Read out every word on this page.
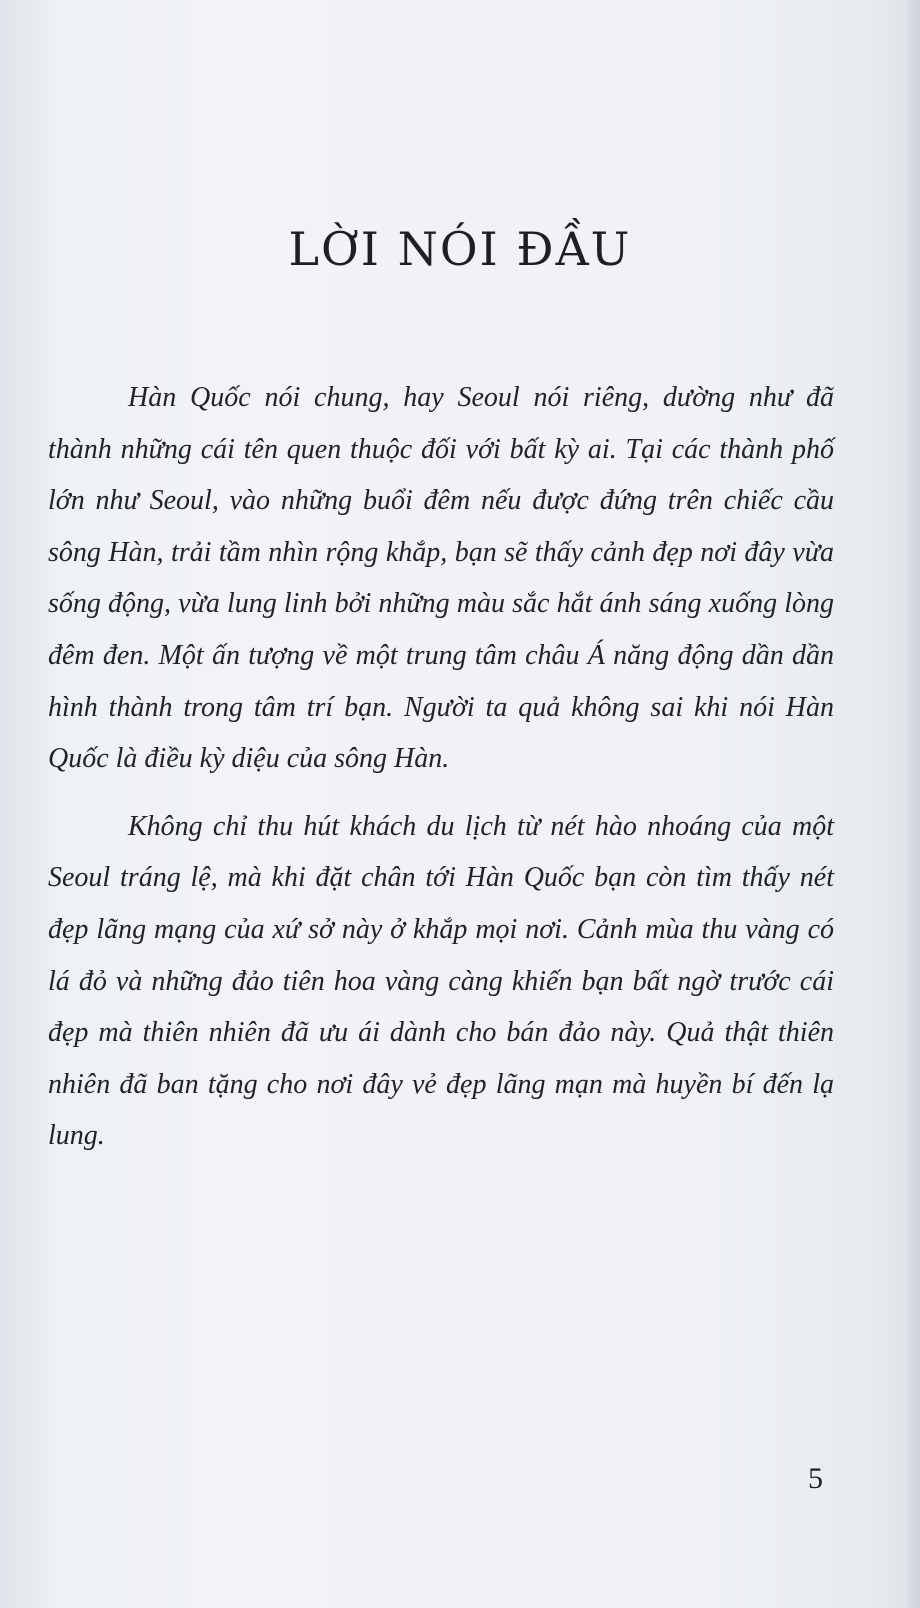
LỜI NÓI ĐẦU

Hàn Quốc nói chung, hay Seoul nói riêng, dường như đã thành những cái tên quen thuộc đối với bất kỳ ai. Tại các thành phố lớn như Seoul, vào những buổi đêm nếu được đứng trên chiếc cầu sông Hàn, trải tầm nhìn rộng khắp, bạn sẽ thấy cảnh đẹp nơi đây vừa sống động, vừa lung linh bởi những màu sắc hắt ánh sáng xuống lòng đêm đen. Một ấn tượng về một trung tâm châu Á năng động dần dần hình thành trong tâm trí bạn. Người ta quả không sai khi nói Hàn Quốc là điều kỳ diệu của sông Hàn.

Không chỉ thu hút khách du lịch từ nét hào nhoáng của một Seoul tráng lệ, mà khi đặt chân tới Hàn Quốc bạn còn tìm thấy nét đẹp lãng mạng của xứ sở này ở khắp mọi nơi. Cảnh mùa thu vàng có lá đỏ và những đảo tiên hoa vàng càng khiến bạn bất ngờ trước cái đẹp mà thiên nhiên đã ưu ái dành cho bán đảo này. Quả thật thiên nhiên đã ban tặng cho nơi đây vẻ đẹp lãng mạn mà huyền bí đến lạ lung.

5
